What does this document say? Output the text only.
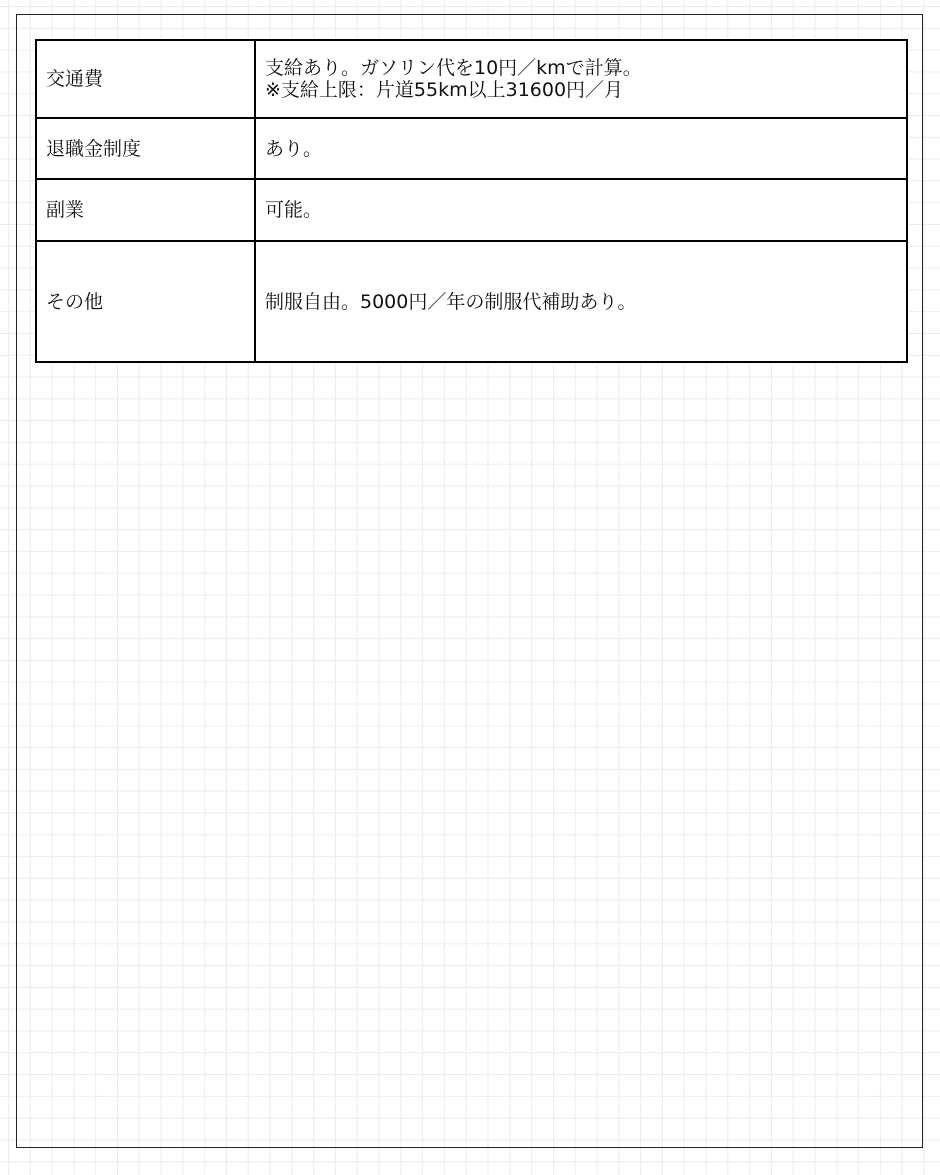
交通費	支給あり。ガソリン代を10円／kmで計算。
※支給上限：片道55km以上31600円／月

退職金制度	あり。

副業	可能。

その他	制服自由。5000円／年の制服代補助あり。
